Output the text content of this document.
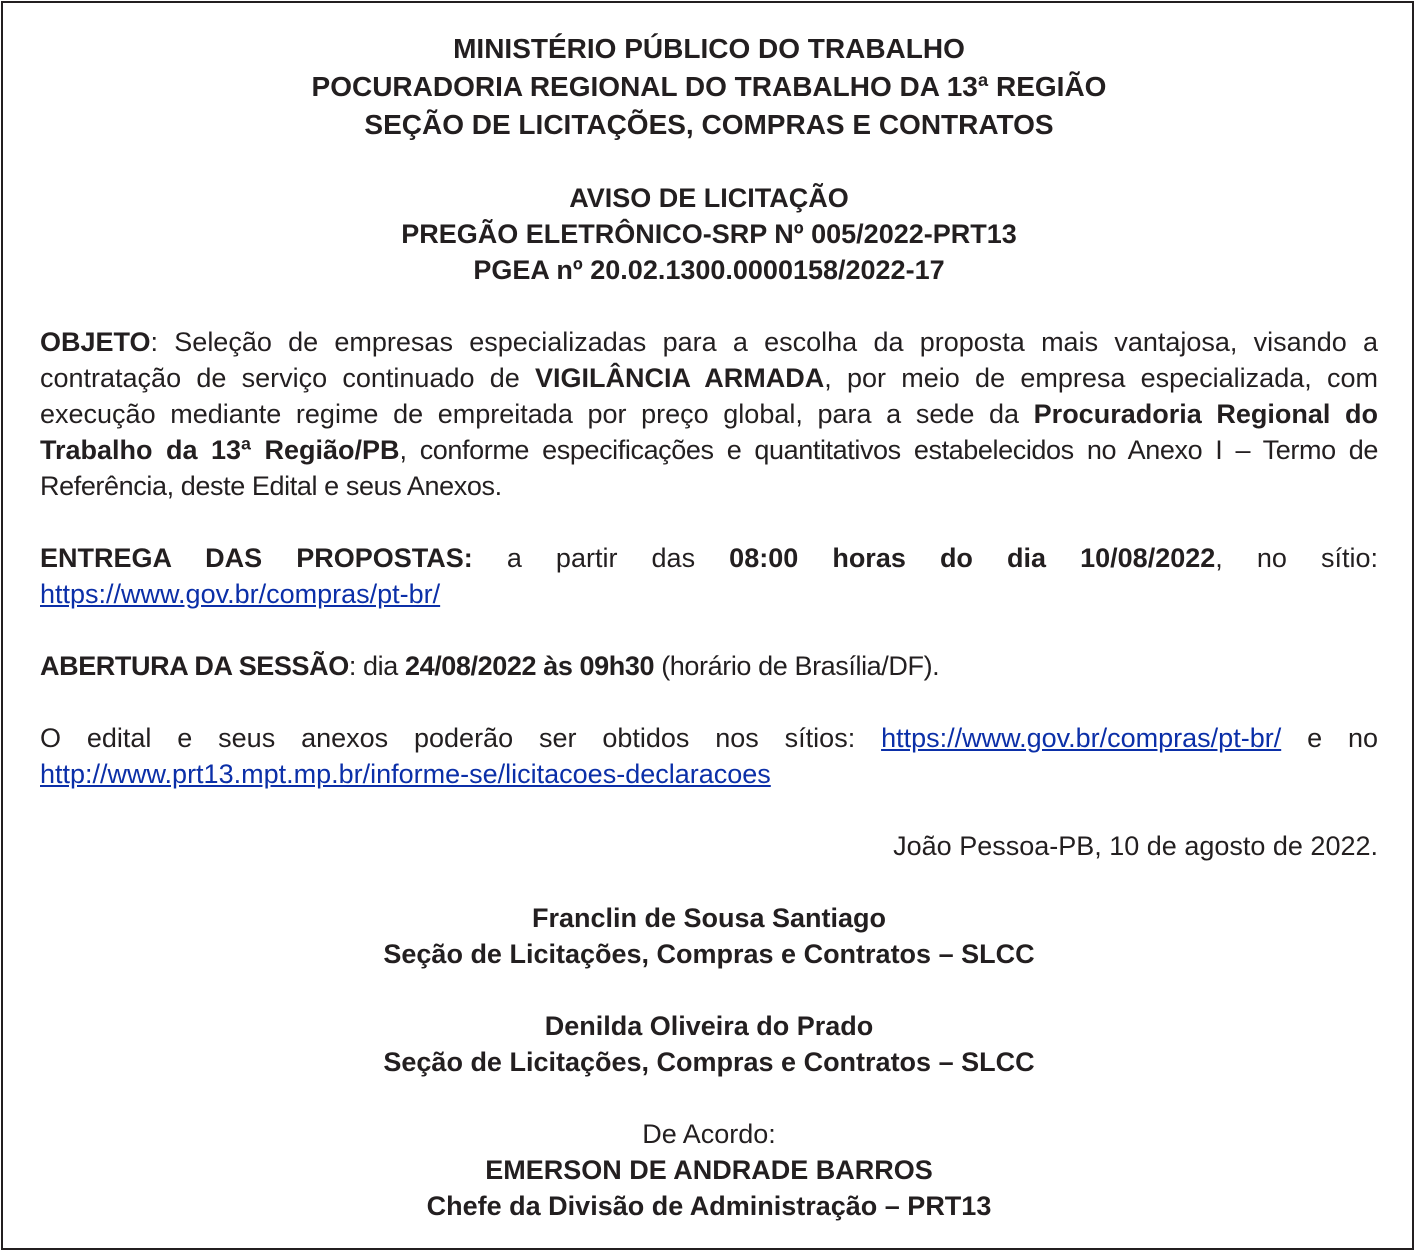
MINISTÉRIO PÚBLICO DO TRABALHO

POCURADORIA REGIONAL DO TRABALHO DA 13ª REGIÃO

SEÇÃO DE LICITAÇÕES, COMPRAS E CONTRATOS

AVISO DE LICITAÇÃO

PREGÃO ELETRÔNICO-SRP Nº 005/2022-PRT13

PGEA nº 20.02.1300.0000158/2022-17

OBJETO: Seleção de empresas especializadas para a escolha da proposta mais vantajosa, visando a contratação de serviço continuado de VIGILÂNCIA ARMADA, por meio de empresa especializada, com execução mediante regime de empreitada por preço global, para a sede da Procuradoria Regional do Trabalho da 13ª Região/PB, conforme especificações e quantitativos estabelecidos no Anexo I – Termo de Referência, deste Edital e seus Anexos.

ENTREGA DAS PROPOSTAS: a partir das 08:00 horas do dia 10/08/2022, no sítio: https://www.gov.br/compras/pt-br/

ABERTURA DA SESSÃO: dia 24/08/2022 às 09h30 (horário de Brasília/DF).

O edital e seus anexos poderão ser obtidos nos sítios: https://www.gov.br/compras/pt-br/ e no http://www.prt13.mpt.mp.br/informe-se/licitacoes-declaracoes

João Pessoa-PB, 10 de agosto de 2022.

Franclin de Sousa Santiago

Seção de Licitações, Compras e Contratos – SLCC

Denilda Oliveira do Prado

Seção de Licitações, Compras e Contratos – SLCC

De Acordo:

EMERSON DE ANDRADE BARROS

Chefe da Divisão de Administração – PRT13
